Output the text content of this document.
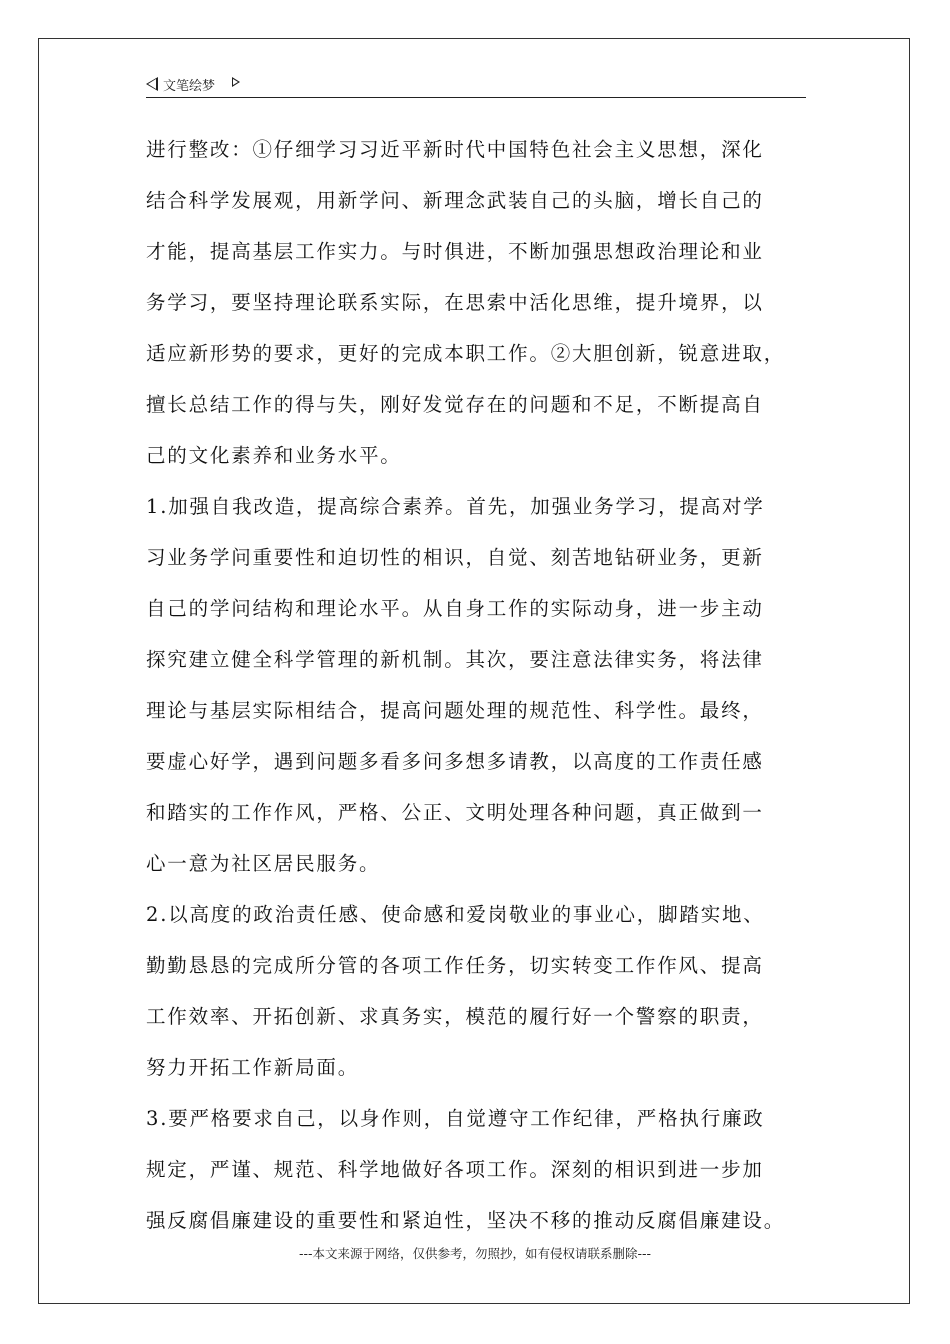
文笔绘梦
进行整改：①仔细学习习近平新时代中国特色社会主义思想，深化
结合科学发展观，用新学问、新理念武装自己的头脑，增长自己的
才能，提高基层工作实力。与时俱进，不断加强思想政治理论和业
务学习，要坚持理论联系实际，在思索中活化思维，提升境界，以
适应新形势的要求，更好的完成本职工作。②大胆创新，锐意进取，
擅长总结工作的得与失，刚好发觉存在的问题和不足，不断提高自
己的文化素养和业务水平。
1.加强自我改造，提高综合素养。首先，加强业务学习，提高对学
习业务学问重要性和迫切性的相识，自觉、刻苦地钻研业务，更新
自己的学问结构和理论水平。从自身工作的实际动身，进一步主动
探究建立健全科学管理的新机制。其次，要注意法律实务，将法律
理论与基层实际相结合，提高问题处理的规范性、科学性。最终，
要虚心好学，遇到问题多看多问多想多请教，以高度的工作责任感
和踏实的工作作风，严格、公正、文明处理各种问题，真正做到一
心一意为社区居民服务。
2.以高度的政治责任感、使命感和爱岗敬业的事业心，脚踏实地、
勤勤恳恳的完成所分管的各项工作任务，切实转变工作作风、提高
工作效率、开拓创新、求真务实，模范的履行好一个警察的职责，
努力开拓工作新局面。
3.要严格要求自己，以身作则，自觉遵守工作纪律，严格执行廉政
规定，严谨、规范、科学地做好各项工作。深刻的相识到进一步加
强反腐倡廉建设的重要性和紧迫性，坚决不移的推动反腐倡廉建设。
---本文来源于网络，仅供参考，勿照抄，如有侵权请联系删除---
